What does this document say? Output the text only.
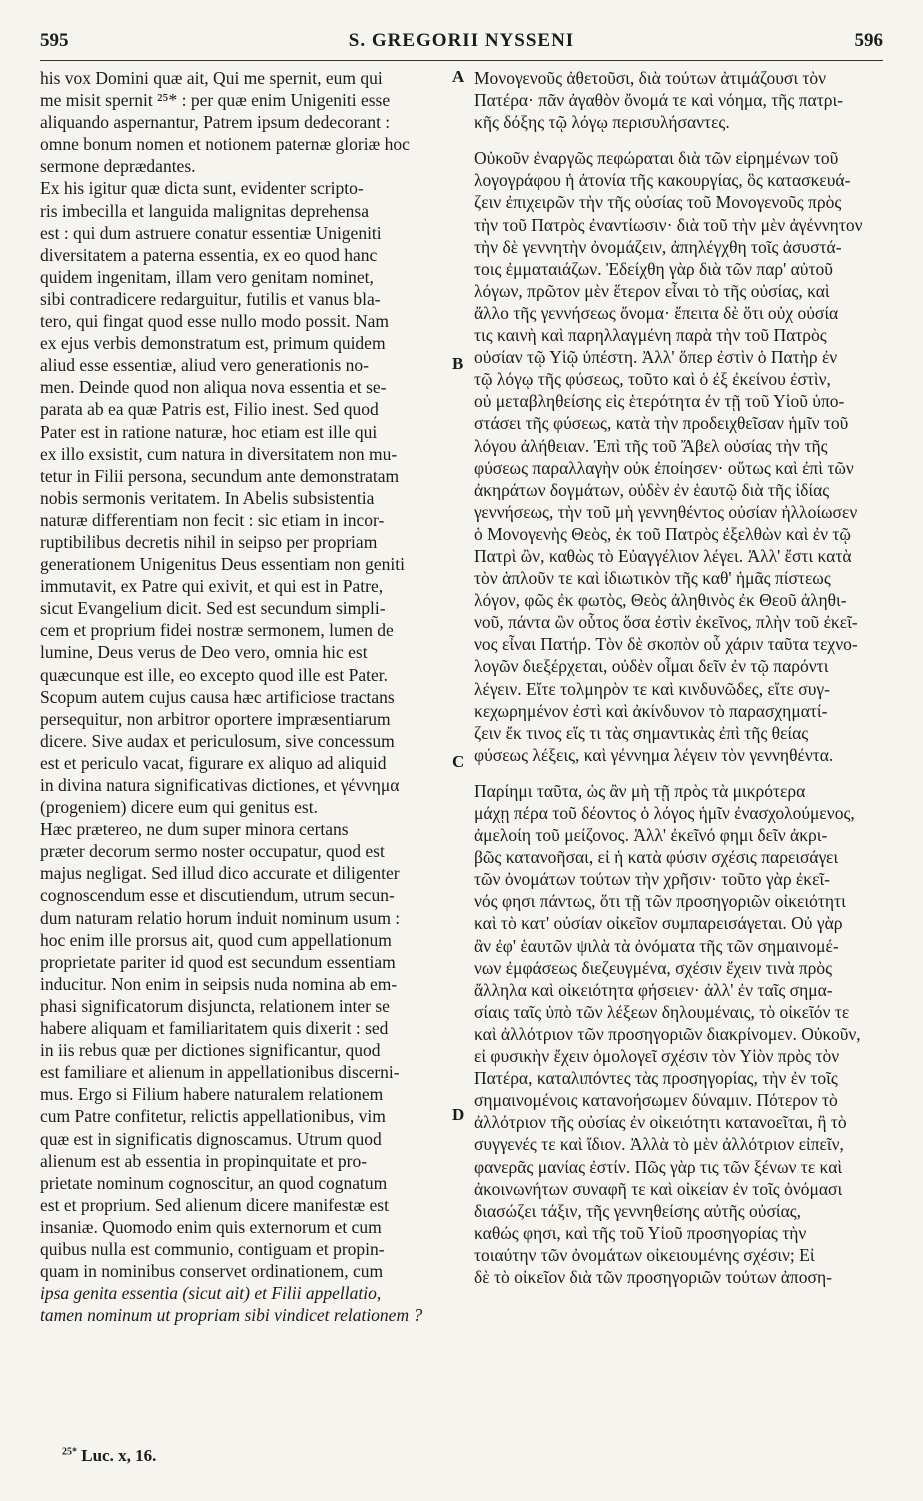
595	S. GREGORII NYSSENI	596
his vox Domini quæ ait, Qui me spernit, eum qui
me misit spernit ²⁵* : per quæ enim Unigeniti esse
aliquando aspernantur, Patrem ipsum dedecorant :
omne bonum nomen et notionem paternæ gloriæ hoc
sermone deprædantes.
Ex his igitur quæ dicta sunt, evidenter scripto-
ris imbecilla et languida malignitas deprehensa
est : qui dum astruere conatur essentiæ Unigeniti
diversitatem a paterna essentia, ex eo quod hanc
quidem ingenitam, illam vero genitam nominet,
sibi contradicere redarguitur, futilis et vanus bla-
tero, qui fingat quod esse nullo modo possit. Nam
ex ejus verbis demonstratum est, primum quidem
aliud esse essentiæ, aliud vero generationis no-
men. Deinde quod non aliqua nova essentia et se-
parata ab ea quæ Patris est, Filio inest. Sed quod
Pater est in ratione naturæ, hoc etiam est ille qui
ex illo exsistit, cum natura in diversitatem non mu-
tetur in Filii persona, secundum ante demonstratam
nobis sermonis veritatem. In Abelis subsistentia
naturæ differentiam non fecit : sic etiam in incor-
ruptibilibus decretis nihil in seipso per propriam
generationem Unigenitus Deus essentiam non geniti
immutavit, ex Patre qui exivit, et qui est in Patre,
sicut Evangelium dicit. Sed est secundum simpli-
cem et proprium fidei nostræ sermonem, lumen de
lumine, Deus verus de Deo vero, omnia hic est
quæcunque est ille, eo excepto quod ille est Pater.
Scopum autem cujus causa hæc artificiose tractans
persequitur, non arbitror oportere impræsentiarum
dicere. Sive audax et periculosum, sive concessum
est et periculo vacat, figurare ex aliquo ad aliquid
in divina natura significativas dictiones, et γέννημα
(progeniem) dicere eum qui genitus est.
Hæc prætereo, ne dum super minora certans
præter decorum sermo noster occupatur, quod est
majus negligat. Sed illud dico accurate et diligenter
cognoscendum esse et discutiendum, utrum secun-
dum naturam relatio horum induit nominum usum :
hoc enim ille prorsus ait, quod cum appellationum
proprietate pariter id quod est secundum essentiam
inducitur. Non enim in seipsis nuda nomina ab em-
phasi significatorum disjuncta, relationem inter se
habere aliquam et familiaritatem quis dixerit : sed
in iis rebus quæ per dictiones significantur, quod
est familiare et alienum in appellationibus discerni-
mus. Ergo si Filium habere naturalem relationem
cum Patre confitetur, relictis appellationibus, vim
quæ est in significatis dignoscamus. Utrum quod
alienum est ab essentia in propinquitate et pro-
prietate nominum cognoscitur, an quod cognatum
est et proprium. Sed alienum dicere manifestæ est
insaniæ. Quomodo enim quis externorum et cum
quibus nulla est communio, contiguam et propin-
quam in nominibus conservet ordinationem, cum
ipsa genita essentia (sicut ait) et Filii appellatio,
tamen nominum ut propriam sibi vindicet relationem ?
Μονογενοῦς ἀθετοῦσι, διὰ τούτων ἀτιμάζουσι τὸν
Πατέρα· πᾶν ἀγαθὸν ὄνομά τε καὶ νόημα, τῆς πατρι-
κῆς δόξης τῷ λόγῳ περισυλήσαντες.
Οὐκοῦν ἐναργῶς πεφώραται διὰ τῶν εἰρημένων τοῦ
λογογράφου ἡ ἀτονία τῆς κακουργίας, ὃς κατασκευά-
ζειν ἐπιχειρῶν τὴν τῆς οὐσίας τοῦ Μονογενοῦς πρὸς
τὴν τοῦ Πατρὸς ἐναντίωσιν· διὰ τοῦ τὴν μὲν ἀγέννητον
τὴν δὲ γεννητὴν ὀνομάζειν, ἀπηλέγχθη τοῖς ἀσυστά-
τοις ἐμματαιάζων. Ἐδείχθη γὰρ διὰ τῶν παρ' αὐτοῦ
λόγων, πρῶτον μὲν ἕτερον εἶναι τὸ τῆς οὐσίας, καὶ
ἄλλο τῆς γεννήσεως ὄνομα· ἔπειτα δὲ ὅτι οὐχ οὐσία
τις καινὴ καὶ παρηλλαγμένη παρὰ τὴν τοῦ Πατρὸς
οὐσίαν τῷ Υἱῷ ὑπέστη. Ἀλλ' ὅπερ ἐστὶν ὁ Πατὴρ ἐν
τῷ λόγῳ τῆς φύσεως, τοῦτο καὶ ὁ ἐξ ἐκείνου ἐστὶν,
οὐ μεταβληθείσης εἰς ἑτερότητα ἐν τῇ τοῦ Υἱοῦ ὑπο-
στάσει τῆς φύσεως, κατὰ τὴν προδειχθεῖσαν ἡμῖν τοῦ
λόγου ἀλήθειαν. Ἐπὶ τῆς τοῦ Ἄβελ οὐσίας τὴν τῆς
φύσεως παραλλαγὴν οὐκ ἐποίησεν· οὕτως καὶ ἐπὶ τῶν
ἀκηράτων δογμάτων, οὐδὲν ἐν ἑαυτῷ διὰ τῆς ἰδίας
γεννήσεως, τὴν τοῦ μὴ γεννηθέντος οὐσίαν ἠλλοίωσεν
ὁ Μονογενὴς Θεὸς, ἐκ τοῦ Πατρὸς ἐξελθὼν καὶ ἐν τῷ
Πατρὶ ὢν, καθὼς τὸ Εὐαγγέλιον λέγει. Ἀλλ' ἔστι κατὰ
τὸν ἁπλοῦν τε καὶ ἰδιωτικὸν τῆς καθ' ἡμᾶς πίστεως
λόγον, φῶς ἐκ φωτὸς, Θεὸς ἀληθινὸς ἐκ Θεοῦ ἀληθι-
νοῦ, πάντα ὢν οὗτος ὅσα ἐστὶν ἐκεῖνος, πλὴν τοῦ ἐκεῖ-
νος εἶναι Πατήρ. Τὸν δὲ σκοπὸν οὗ χάριν ταῦτα τεχνο-
λογῶν διεξέρχεται, οὐδὲν οἶμαι δεῖν ἐν τῷ παρόντι
λέγειν. Εἴτε τολμηρὸν τε καὶ κινδυνῶδες, εἴτε συγ-
κεχωρημένον ἐστὶ καὶ ἀκίνδυνον τὸ παρασχηματί-
ζειν ἔκ τινος εἴς τι τὰς σημαντικὰς ἐπὶ τῆς θείας
φύσεως λέξεις, καὶ γέννημα λέγειν τὸν γεννηθέντα.
Παρίημι ταῦτα, ὡς ἂν μὴ τῇ πρὸς τὰ μικρότερα
μάχῃ πέρα τοῦ δέοντος ὁ λόγος ἡμῖν ἐνασχολούμενος,
ἀμελοίη τοῦ μείζονος. Ἀλλ' ἐκεῖνό φημι δεῖν ἀκρι-
βῶς κατανοῆσαι, εἰ ἡ κατὰ φύσιν σχέσις παρεισάγει
τῶν ὀνομάτων τούτων τὴν χρῆσιν· τοῦτο γὰρ ἐκεῖ-
νός φησι πάντως, ὅτι τῇ τῶν προσηγοριῶν οἰκειότητι
καὶ τὸ κατ' οὐσίαν οἰκεῖον συμπαρεισάγεται. Οὐ γὰρ
ἂν ἐφ' ἑαυτῶν ψιλὰ τὰ ὀνόματα τῆς τῶν σημαινομέ-
νων ἐμφάσεως διεζευγμένα, σχέσιν ἔχειν τινὰ πρὸς
ἄλληλα καὶ οἰκειότητα φήσειεν· ἀλλ' ἐν ταῖς σημα-
σίαις ταῖς ὑπὸ τῶν λέξεων δηλουμέναις, τὸ οἰκεῖόν τε
καὶ ἀλλότριον τῶν προσηγοριῶν διακρίνομεν. Οὐκοῦν,
εἰ φυσικὴν ἔχειν ὁμολογεῖ σχέσιν τὸν Υἱὸν πρὸς τὸν
Πατέρα, καταλιπόντες τὰς προσηγορίας, τὴν ἐν τοῖς
σημαινομένοις κατανοήσωμεν δύναμιν. Πότερον τὸ
ἀλλότριον τῆς οὐσίας ἐν οἰκειότητι κατανοεῖται, ἢ τὸ
συγγενές τε καὶ ἴδιον. Ἀλλὰ τὸ μὲν ἀλλότριον εἰπεῖν,
φανερᾶς μανίας ἐστίν. Πῶς γὰρ τις τῶν ξένων τε καὶ
ἀκοινωνήτων συναφῆ τε καὶ οἰκείαν ἐν τοῖς ὀνόμασι
διασώζει τάξιν, τῆς γεννηθείσης αὐτῆς οὐσίας,
καθώς φησι, καὶ τῆς τοῦ Υἱοῦ προσηγορίας τὴν
τοιαύτην τῶν ὀνομάτων οἰκειουμένης σχέσιν; Εἰ
δὲ τὸ οἰκεῖον διὰ τῶν προσηγοριῶν τούτων ἀποση-
A
B
C
D
$^{25*}$ Luc. x, 16.
